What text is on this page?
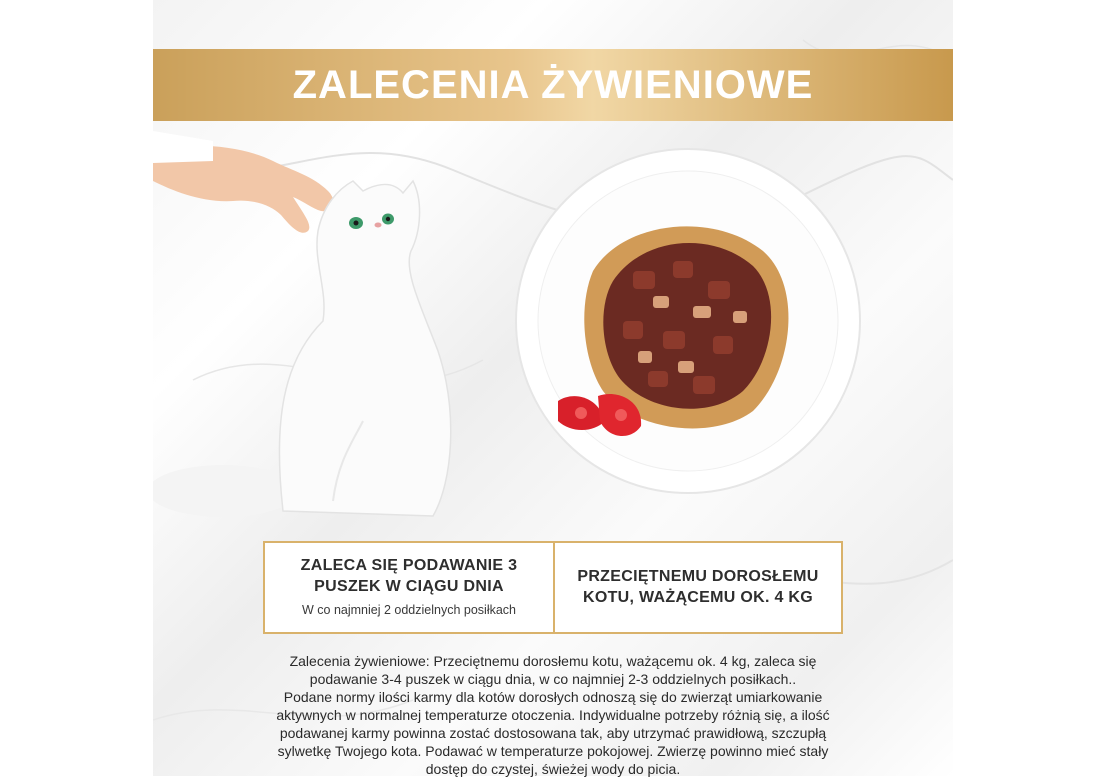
ZALECENIA ŻYWIENIOWE
ZALECA SIĘ PODAWANIE 3
PUSZEK W CIĄGU DNIA
W co najmniej 2 oddzielnych posiłkach
PRZECIĘTNEMU DOROSŁEMU
KOTU, WAŻĄCEMU OK. 4 KG
Zalecenia żywieniowe: Przeciętnemu dorosłemu kotu, ważącemu ok. 4 kg, zaleca się
podawanie 3-4 puszek w ciągu dnia, w co najmniej 2-3 oddzielnych posiłkach..
Podane normy ilości karmy dla kotów dorosłych odnoszą się do zwierząt umiarkowanie
aktywnych w normalnej temperaturze otoczenia. Indywidualne potrzeby różnią się, a ilość
podawanej karmy powinna zostać dostosowana tak, aby utrzymać prawidłową, szczupłą
sylwetkę Twojego kota. Podawać w temperaturze pokojowej. Zwierzę powinno mieć stały
dostęp do czystej, świeżej wody do picia.
